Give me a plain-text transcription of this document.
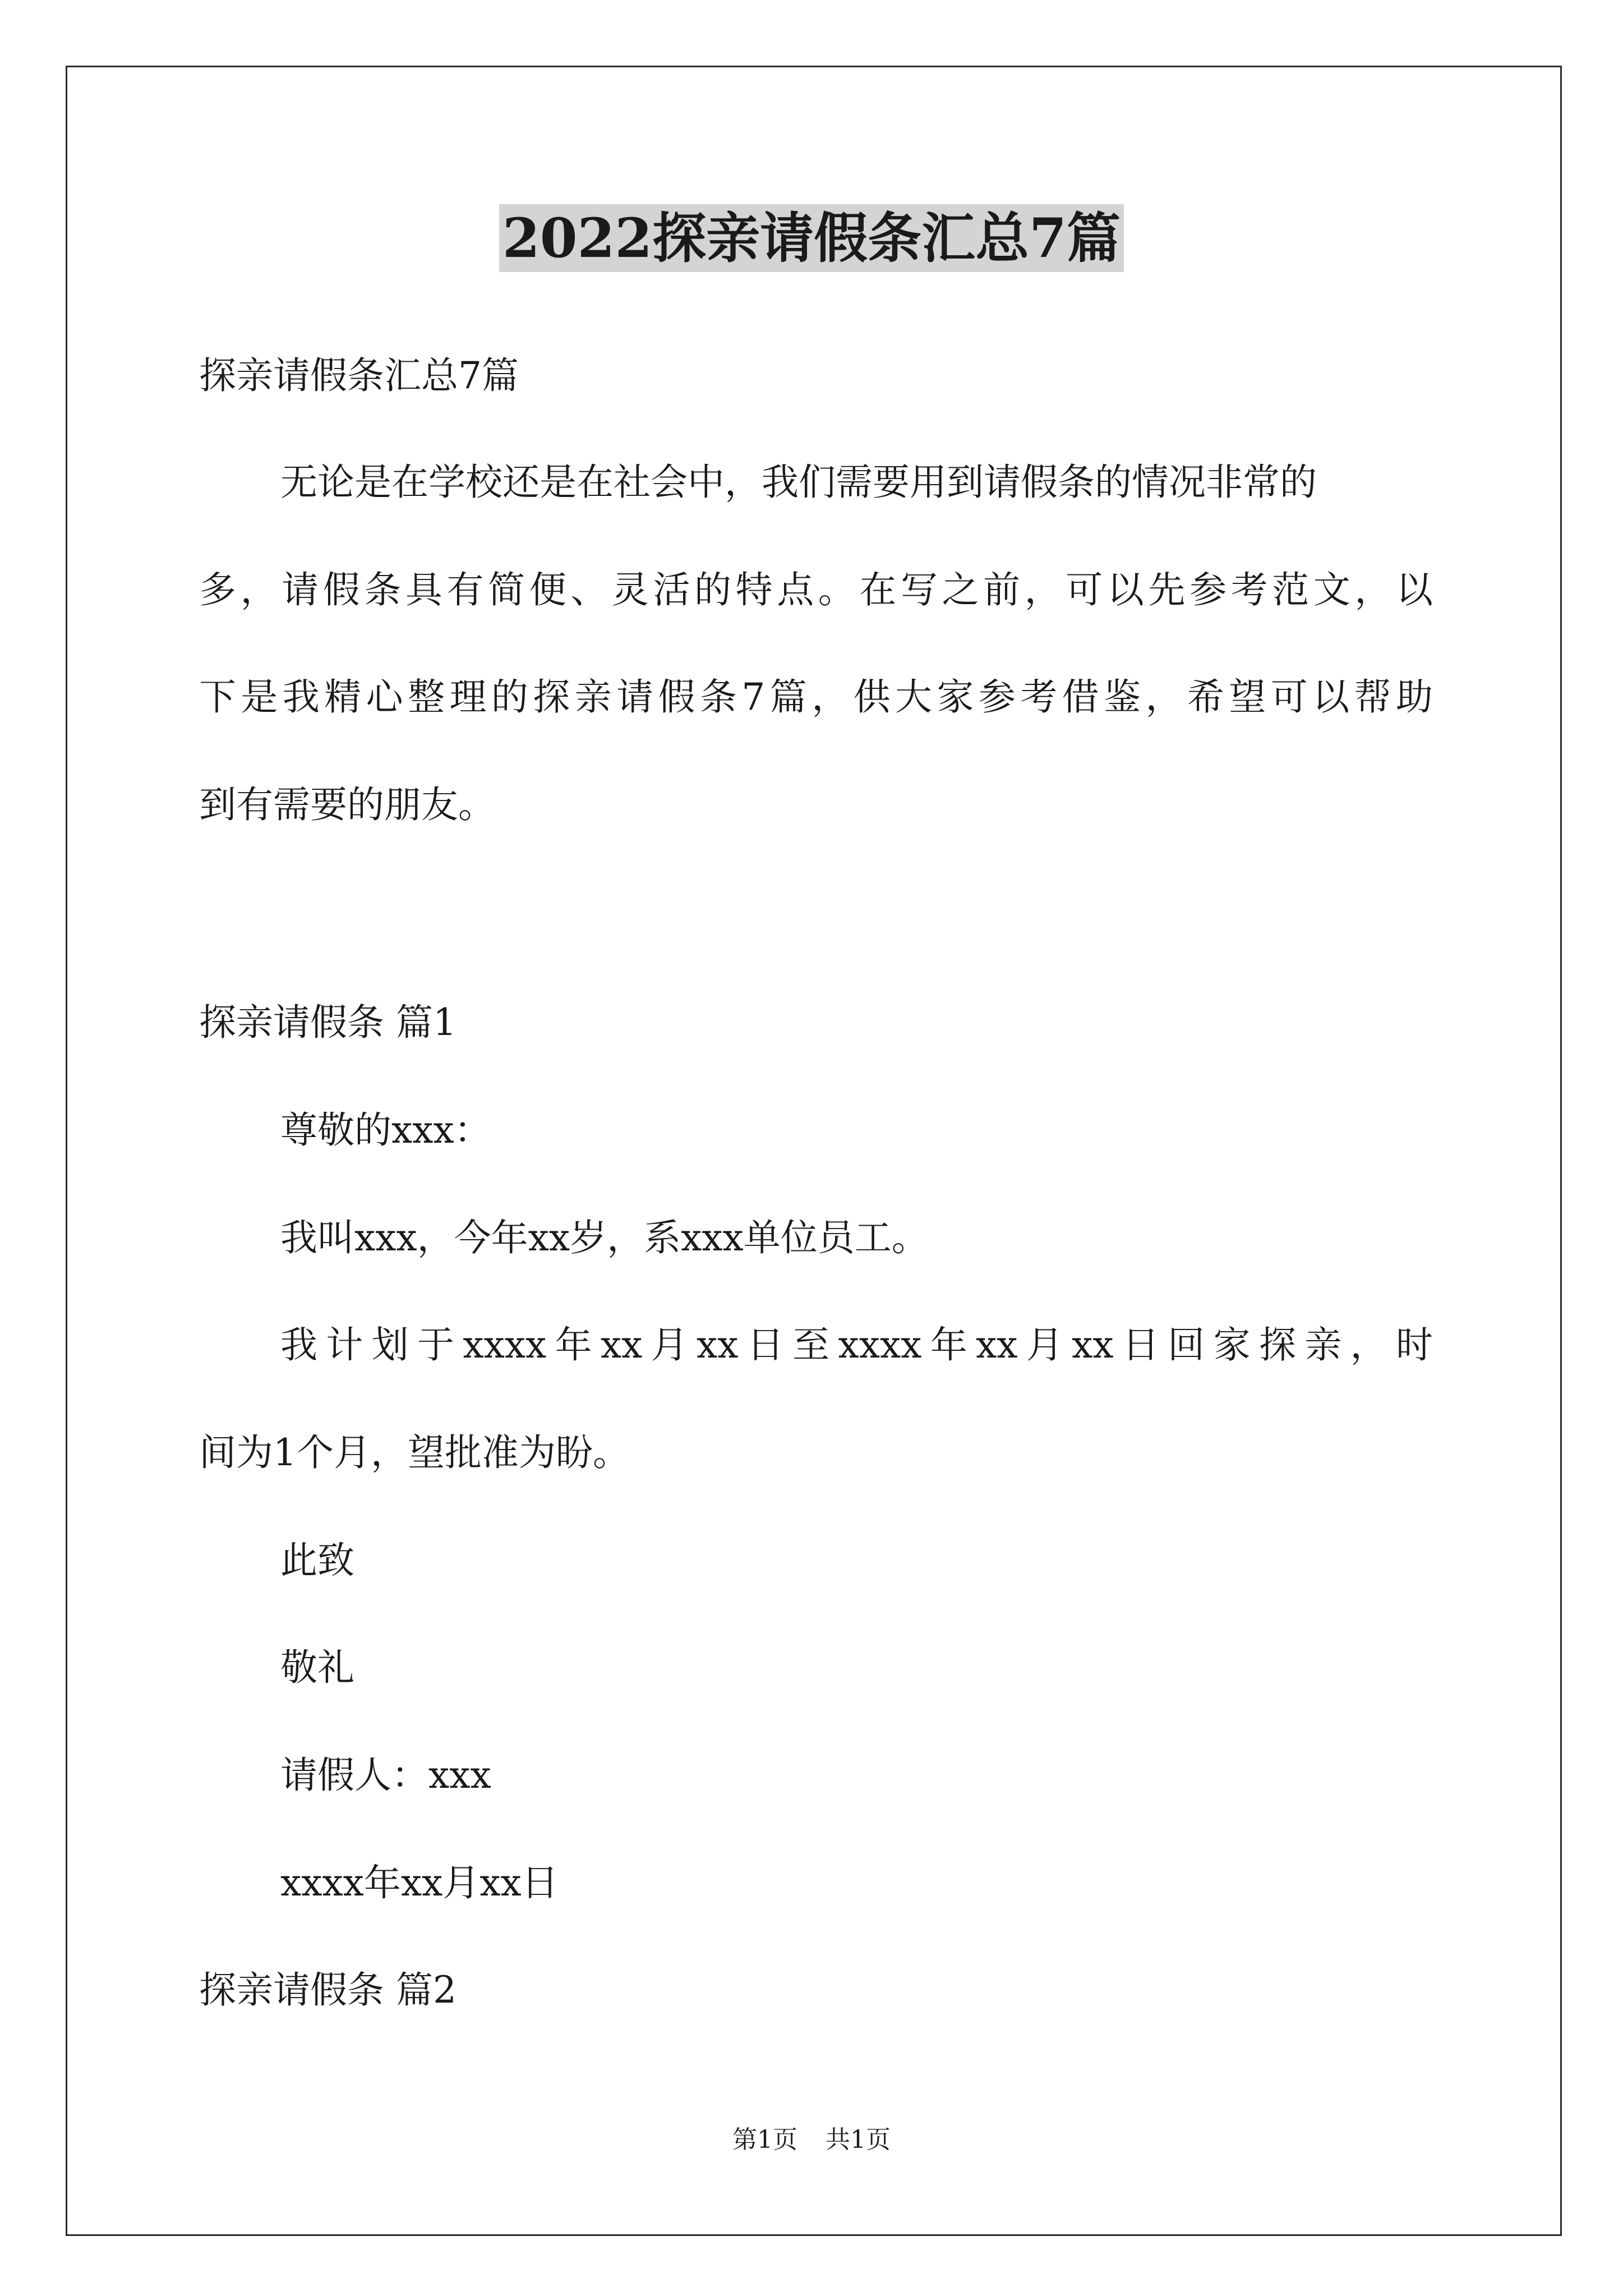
2022探亲请假条汇总7篇
探亲请假条汇总7篇
无论是在学校还是在社会中，我们需要用到请假条的情况非常的
多，请假条具有简便、灵活的特点。在写之前，可以先参考范文，以
下是我精心整理的探亲请假条7篇，供大家参考借鉴，希望可以帮助
到有需要的朋友。
探亲请假条 篇1
尊敬的xxx：
我叫xxx，今年xx岁，系xxx单位员工。
我计划于xxxx年xx月xx日至xxxx年xx月xx日回家探亲，时
间为1个月，望批准为盼。
此致
敬礼
请假人：xxx
xxxx年xx月xx日
探亲请假条 篇2
第1页 共1页
